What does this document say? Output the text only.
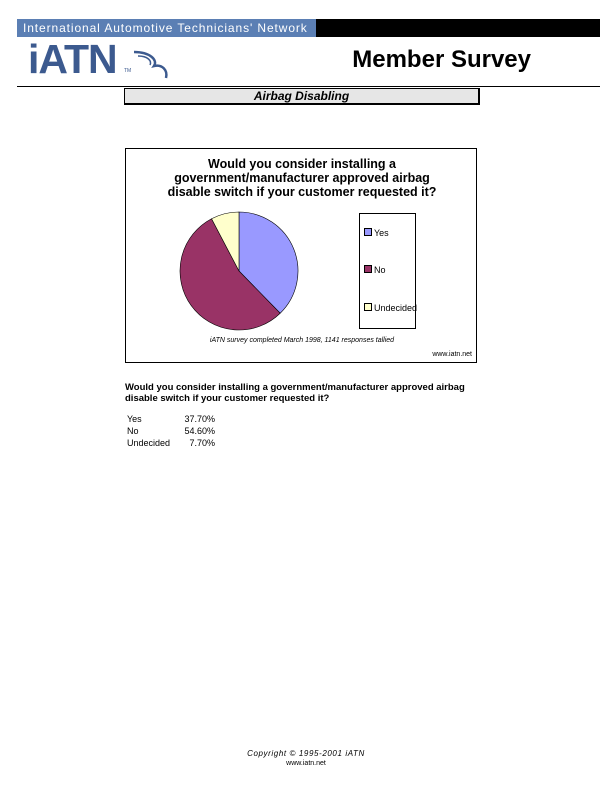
International Automotive Technicians' Network
iATN TM	Member Survey
Airbag Disabling
Would you consider installing a
government/manufacturer approved airbag
disable switch if your customer requested it?
Yes
No
Undecided
iATN survey completed March 1998, 1141 responses tallied
www.iatn.net
Would you consider installing a government/manufacturer approved airbag disable switch if your customer requested it?
Yes	37.70%
No	54.60%
Undecided	7.70%
Copyright © 1995-2001 iATN
www.iatn.net
